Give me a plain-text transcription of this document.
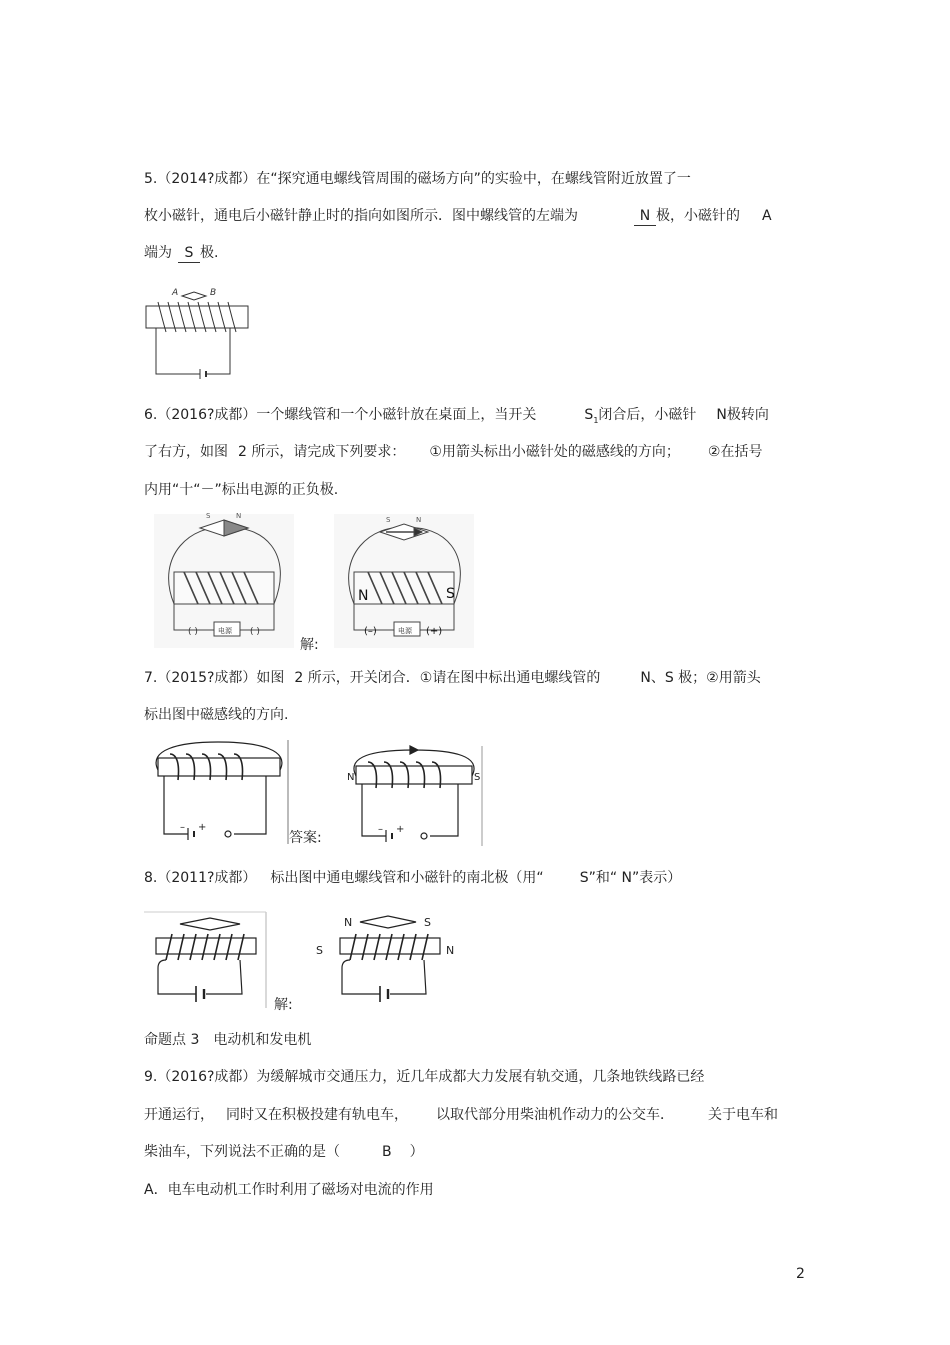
5.（2014?成都）在“探究通电螺线管周围的磁场方向”的实验中，在螺线管附近放置了一
枚小磁针，通电后小磁针静止时的指向如图所示．图中螺线管的左端为	N 极，小磁针的 A
端为 S 极.
A	B
6.（2016?成都）一个螺线管和一个小磁针放在桌面上，当开关	$S_1$闭合后，小磁针 N极转向
了右方，如图 2 所示，请完成下列要求： ①用箭头标出小磁针处的磁感线的方向； ②在括号
内用“十“－”标出电源的正负极.
S	N
( )	电源 ( )
S	N
N	S
(–)	电源 (+)
解:
7.（2015?成都）如图 2 所示，开关闭合．①请在图中标出通电螺线管的	N、S 极；②用箭头
标出图中磁感线的方向.
– +
答案:
N	S
– +
8.（2011?成都） 标出图中通电螺线管和小磁针的南北极（用“	S”和“ N”表示）
解:
N	S
S	N
命题点 3 电动机和发电机
9.（2016?成都）为缓解城市交通压力，近几年成都大力发展有轨交通，几条地铁线路已经
开通运行， 同时又在积极投建有轨电车， 以取代部分用柴油机作动力的公交车． 关于电车和
柴油车，下列说法不正确的是（	B ）
A．电车电动机工作时利用了磁场对电流的作用
2
